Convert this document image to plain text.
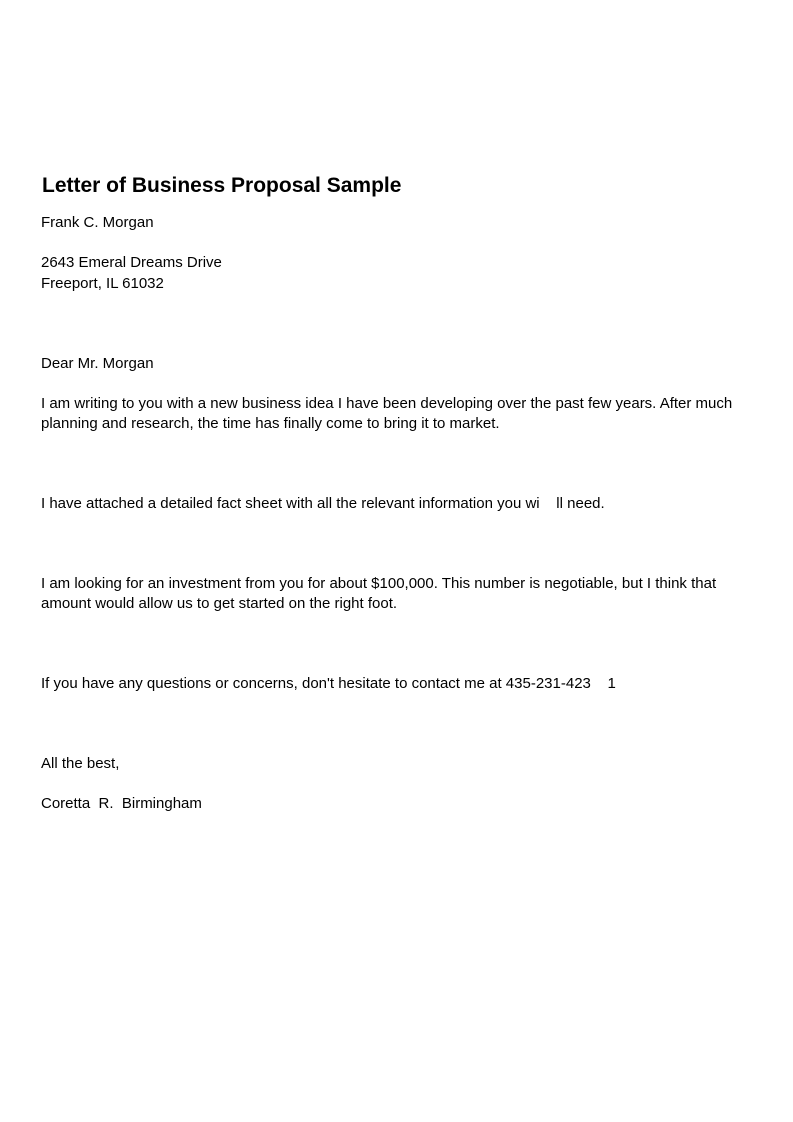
Letter of Business Proposal Sample

Frank C. Morgan

2643 Emeral Dreams Drive

Freeport, IL 61032

Dear Mr. Morgan

I am writing to you with a new business idea I have been developing over the past few years. After much planning and research, the time has finally come to bring it to market.

I have attached a detailed fact sheet with all the relevant information you wi    ll need.

I am looking for an investment from you for about $100,000. This number is negotiable, but I think that amount would allow us to get started on the right foot.

If you have any questions or concerns, don't hesitate to contact me at 435-231-423    1

All the best,

Coretta  R.  Birmingham
